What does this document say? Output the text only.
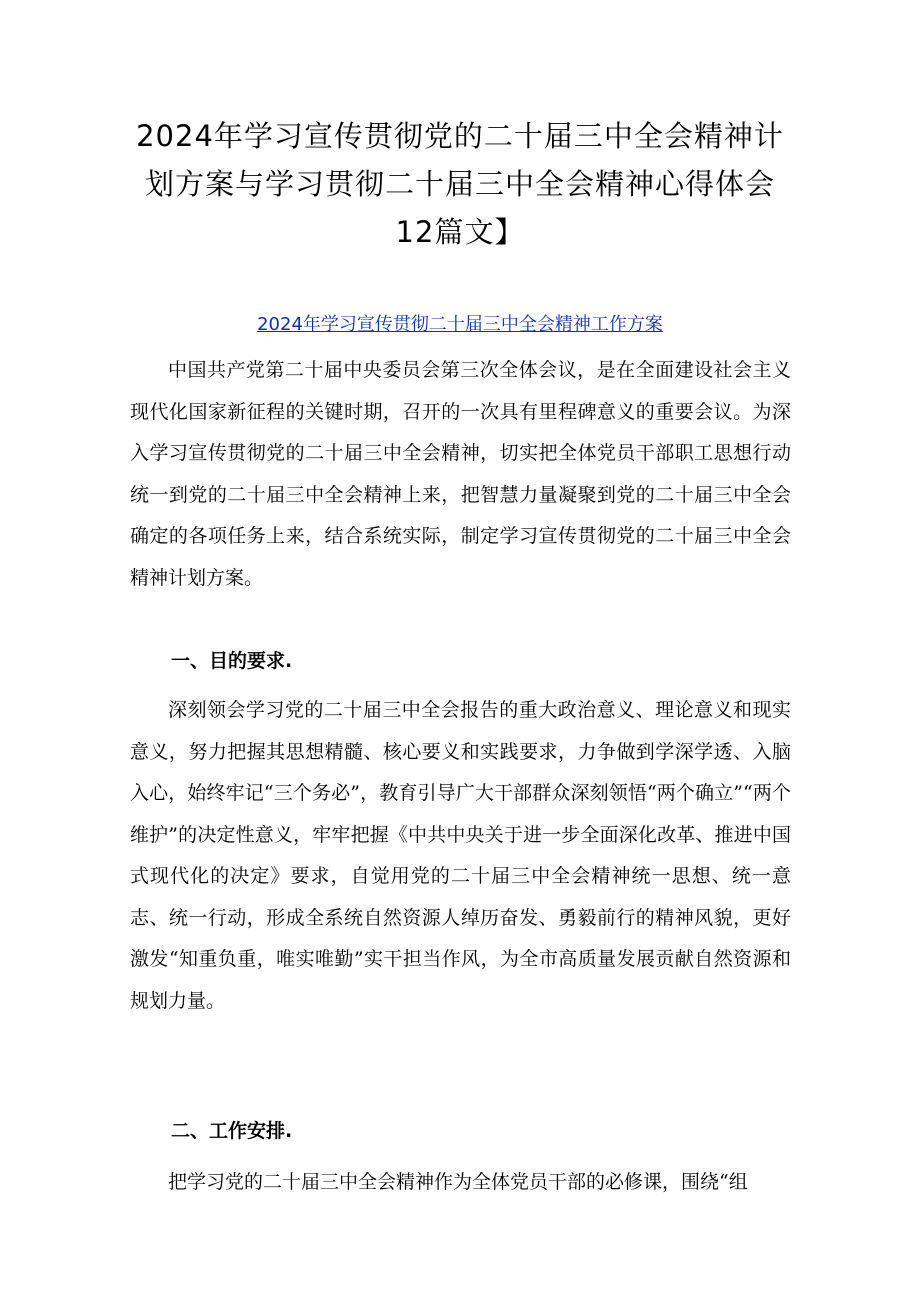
2024年学习宣传贯彻党的二十届三中全会精神计划方案与学习贯彻二十届三中全会精神心得体会12篇文】
2024年学习宣传贯彻二十届三中全会精神工作方案

中国共产党第二十届中央委员会第三次全体会议，是在全面建设社会主义现代化国家新征程的关键时期，召开的一次具有里程碑意义的重要会议。为深入学习宣传贯彻党的二十届三中全会精神，切实把全体党员干部职工思想行动统一到党的二十届三中全会精神上来，把智慧力量凝聚到党的二十届三中全会确定的各项任务上来，结合系统实际，制定学习宣传贯彻党的二十届三中全会精神计划方案。

一、目的要求.

深刻领会学习党的二十届三中全会报告的重大政治意义、理论意义和现实意义，努力把握其思想精髓、核心要义和实践要求，力争做到学深学透、入脑入心，始终牢记“三个务必”，教育引导广大干部群众深刻领悟“两个确立”“两个维护”的决定性意义，牢牢把握《中共中央关于进一步全面深化改革、推进中国式现代化的决定》要求，自觉用党的二十届三中全会精神统一思想、统一意志、统一行动，形成全系统自然资源人绰历奋发、勇毅前行的精神风貌，更好激发“知重负重，唯实唯勤”实干担当作风，为全市高质量发展贡献自然资源和规划力量。

二、工作安排.

把学习党的二十届三中全会精神作为全体党员干部的必修课，围绕“组
